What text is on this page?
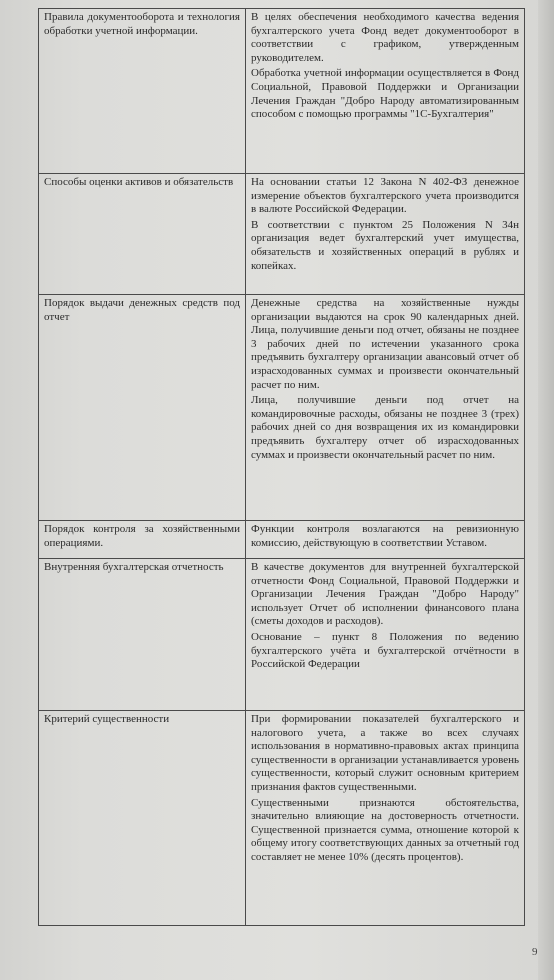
Правила документооборота и технология обработки учетной информации.	В целях обеспечения необходимого качества ведения бухгалтерского учета Фонд ведет документооборот в соответствии с графиком, утвержденным руководителем.

Обработка учетной информации осуществляется в Фонд Социальной, Правовой Поддержки и Организации Лечения Граждан "Добро Народу автоматизированным способом с помощью программы "1С-Бухгалтерия"

Способы оценки активов и обязательств	На основании статьи 12 Закона N 402-ФЗ денежное измерение объектов бухгалтерского учета производится в валюте Российской Федерации.

В соответствии с пунктом 25 Положения N 34н организация ведет бухгалтерский учет имущества, обязательств и хозяйственных операций в рублях и копейках.

Порядок выдачи денежных средств под отчет	Денежные средства на хозяйственные нужды организации выдаются на срок 90 календарных дней. Лица, получившие деньги под отчет, обязаны не позднее 3 рабочих дней по истечении указанного срока предъявить бухгалтеру организации авансовый отчет об израсходованных суммах и произвести окончательный расчет по ним.

Лица, получившие деньги под отчет на командировочные расходы, обязаны не позднее 3 (трех) рабочих дней со дня возвращения их из командировки предъявить бухгалтеру отчет об израсходованных суммах и произвести окончательный расчет по ним.

Порядок контроля за хозяйственными операциями.	Функции контроля возлагаются на ревизионную комиссию, действующую в соответствии Уставом.

Внутренняя бухгалтерская отчетность	В качестве документов для внутренней бухгалтерской отчетности Фонд Социальной, Правовой Поддержки и Организации Лечения Граждан "Добро Народу" использует Отчет об исполнении финансового плана (сметы доходов и расходов).

Основание – пункт 8 Положения по ведению бухгалтерского учёта и бухгалтерской отчётности в Российской Федерации

Критерий существенности	При формировании показателей бухгалтерского и налогового учета, а также во всех случаях использования в нормативно-правовых актах принципа существенности в организации устанавливается уровень существенности, который служит основным критерием признания фактов существенными.

Существенными признаются обстоятельства, значительно влияющие на достоверность отчетности. Существенной признается сумма, отношение которой к общему итогу соответствующих данных за отчетный год составляет не менее 10% (десять процентов).

9
